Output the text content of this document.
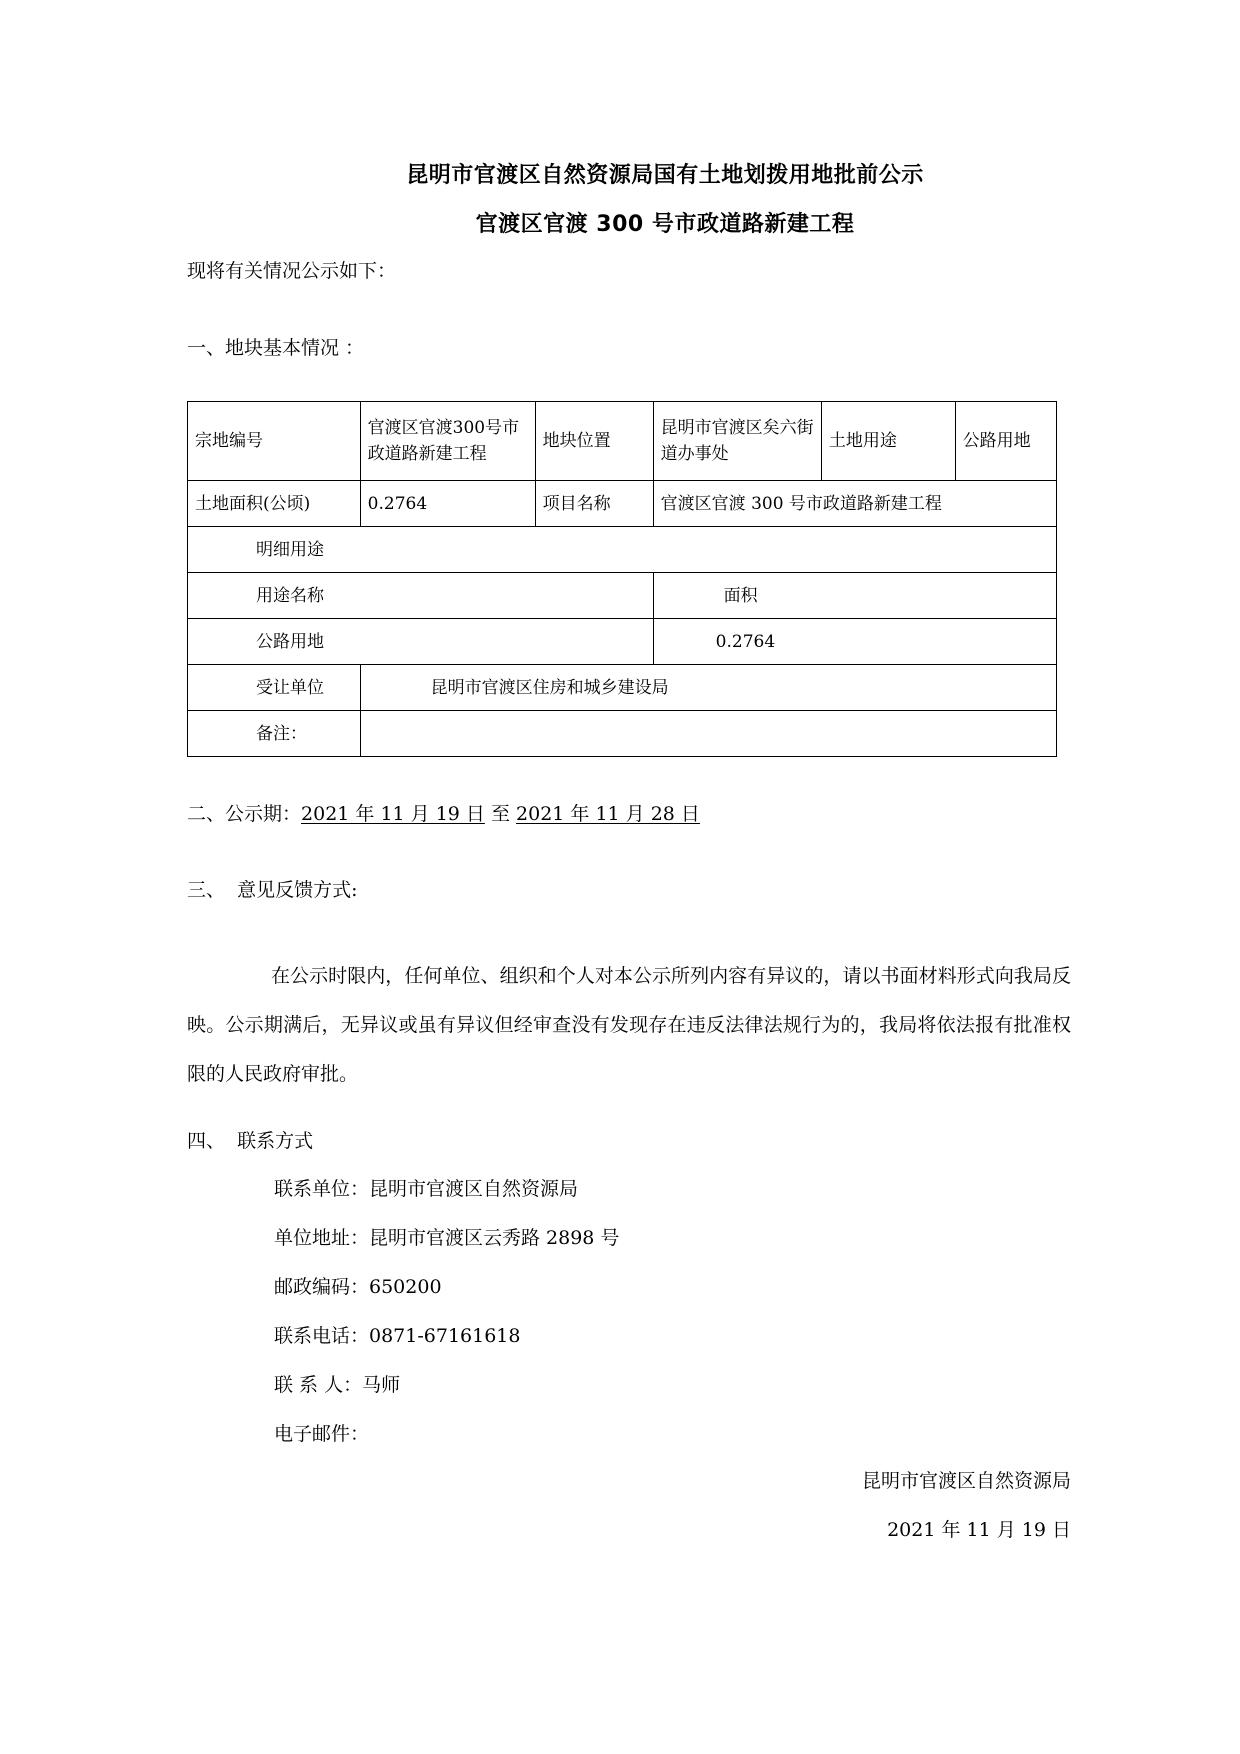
昆明市官渡区自然资源局国有土地划拨用地批前公示
官渡区官渡 300 号市政道路新建工程
现将有关情况公示如下：
一、地块基本情况 ：
宗地编号	官渡区官渡300号市政道路新建工程	地块位置	昆明市官渡区矣六街道办事处	土地用途	公路用地
土地面积(公顷)	0.2764	项目名称	官渡区官渡 300 号市政道路新建工程		
明细用途					
用途名称			面积		
公路用地			0.2764		
受让单位	昆明市官渡区住房和城乡建设局				
备注：					
二、公示期：2021 年 11 月 19 日 至 2021 年 11 月 28 日
三、  意见反馈方式:
在公示时限内，任何单位、组织和个人对本公示所列内容有异议的，请以书面材料形式向我局反映。公示期满后，无异议或虽有异议但经审查没有发现存在违反法律法规行为的，我局将依法报有批准权限的人民政府审批。
四、  联系方式
联系单位：昆明市官渡区自然资源局
单位地址：昆明市官渡区云秀路 2898 号
邮政编码：650200
联系电话：0871-67161618
联 系 人：马师
电子邮件：
昆明市官渡区自然资源局
2021 年 11 月 19 日
